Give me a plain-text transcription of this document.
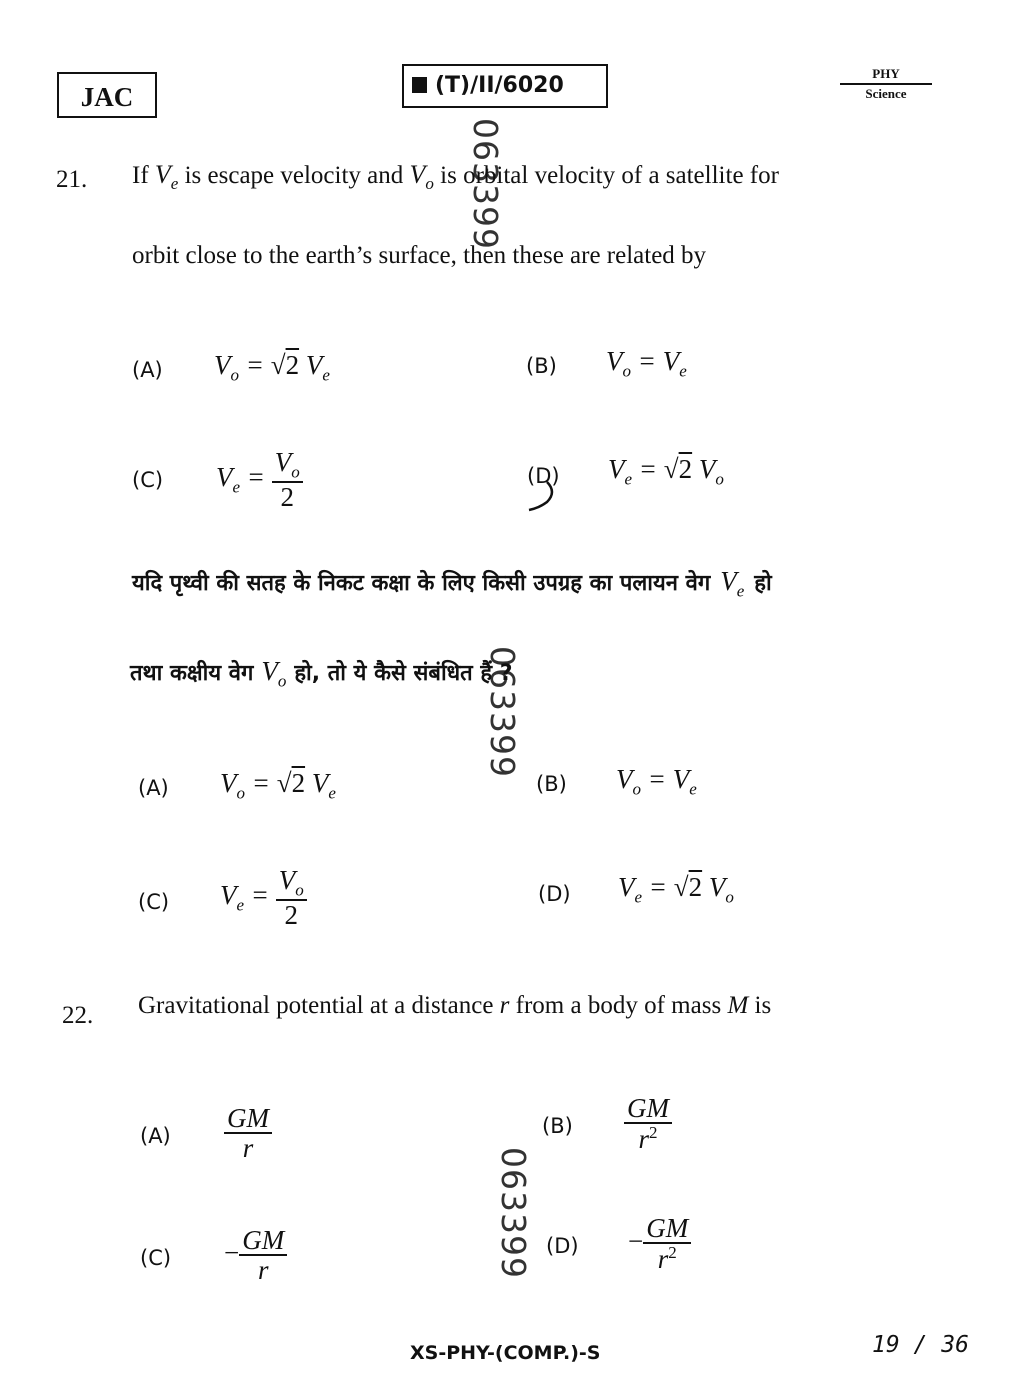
JAC	(T)/II/6020	PHY
Science
063399
063399
063399
21. If $V_e$ is escape velocity and $V_o$ is orbital velocity of a satellite for
orbit close to the earth’s surface, then these are related by
(A) $V_o = √2$ $V_e$	(B) $V_o = V_e$
(C) $V_e = \frac{V_o}{2}$	(D) $V_e = √2$ $V_o$
यदि पृथ्वी की सतह के निकट कक्षा के लिए किसी उपग्रह का पलायन वेग $V_e$ हो
तथा कक्षीय वेग $V_o$ हो, तो ये कैसे संबंधित हैं ?
(A) $V_o = √2$ $V_e$	(B) $V_o = V_e$
(C) $V_e = \frac{V_o}{2}$	(D) $V_e = √2$ $V_o$
22. Gravitational potential at a distance r from a body of mass M is
$(A) \frac{GM}{r}$	$(B) \frac{GM}{r^2}$
$(C) - \frac{GM}{r}$	$(D) - \frac{GM}{r^2}$
XS-PHY-(COMP.)-S	19 / 36
